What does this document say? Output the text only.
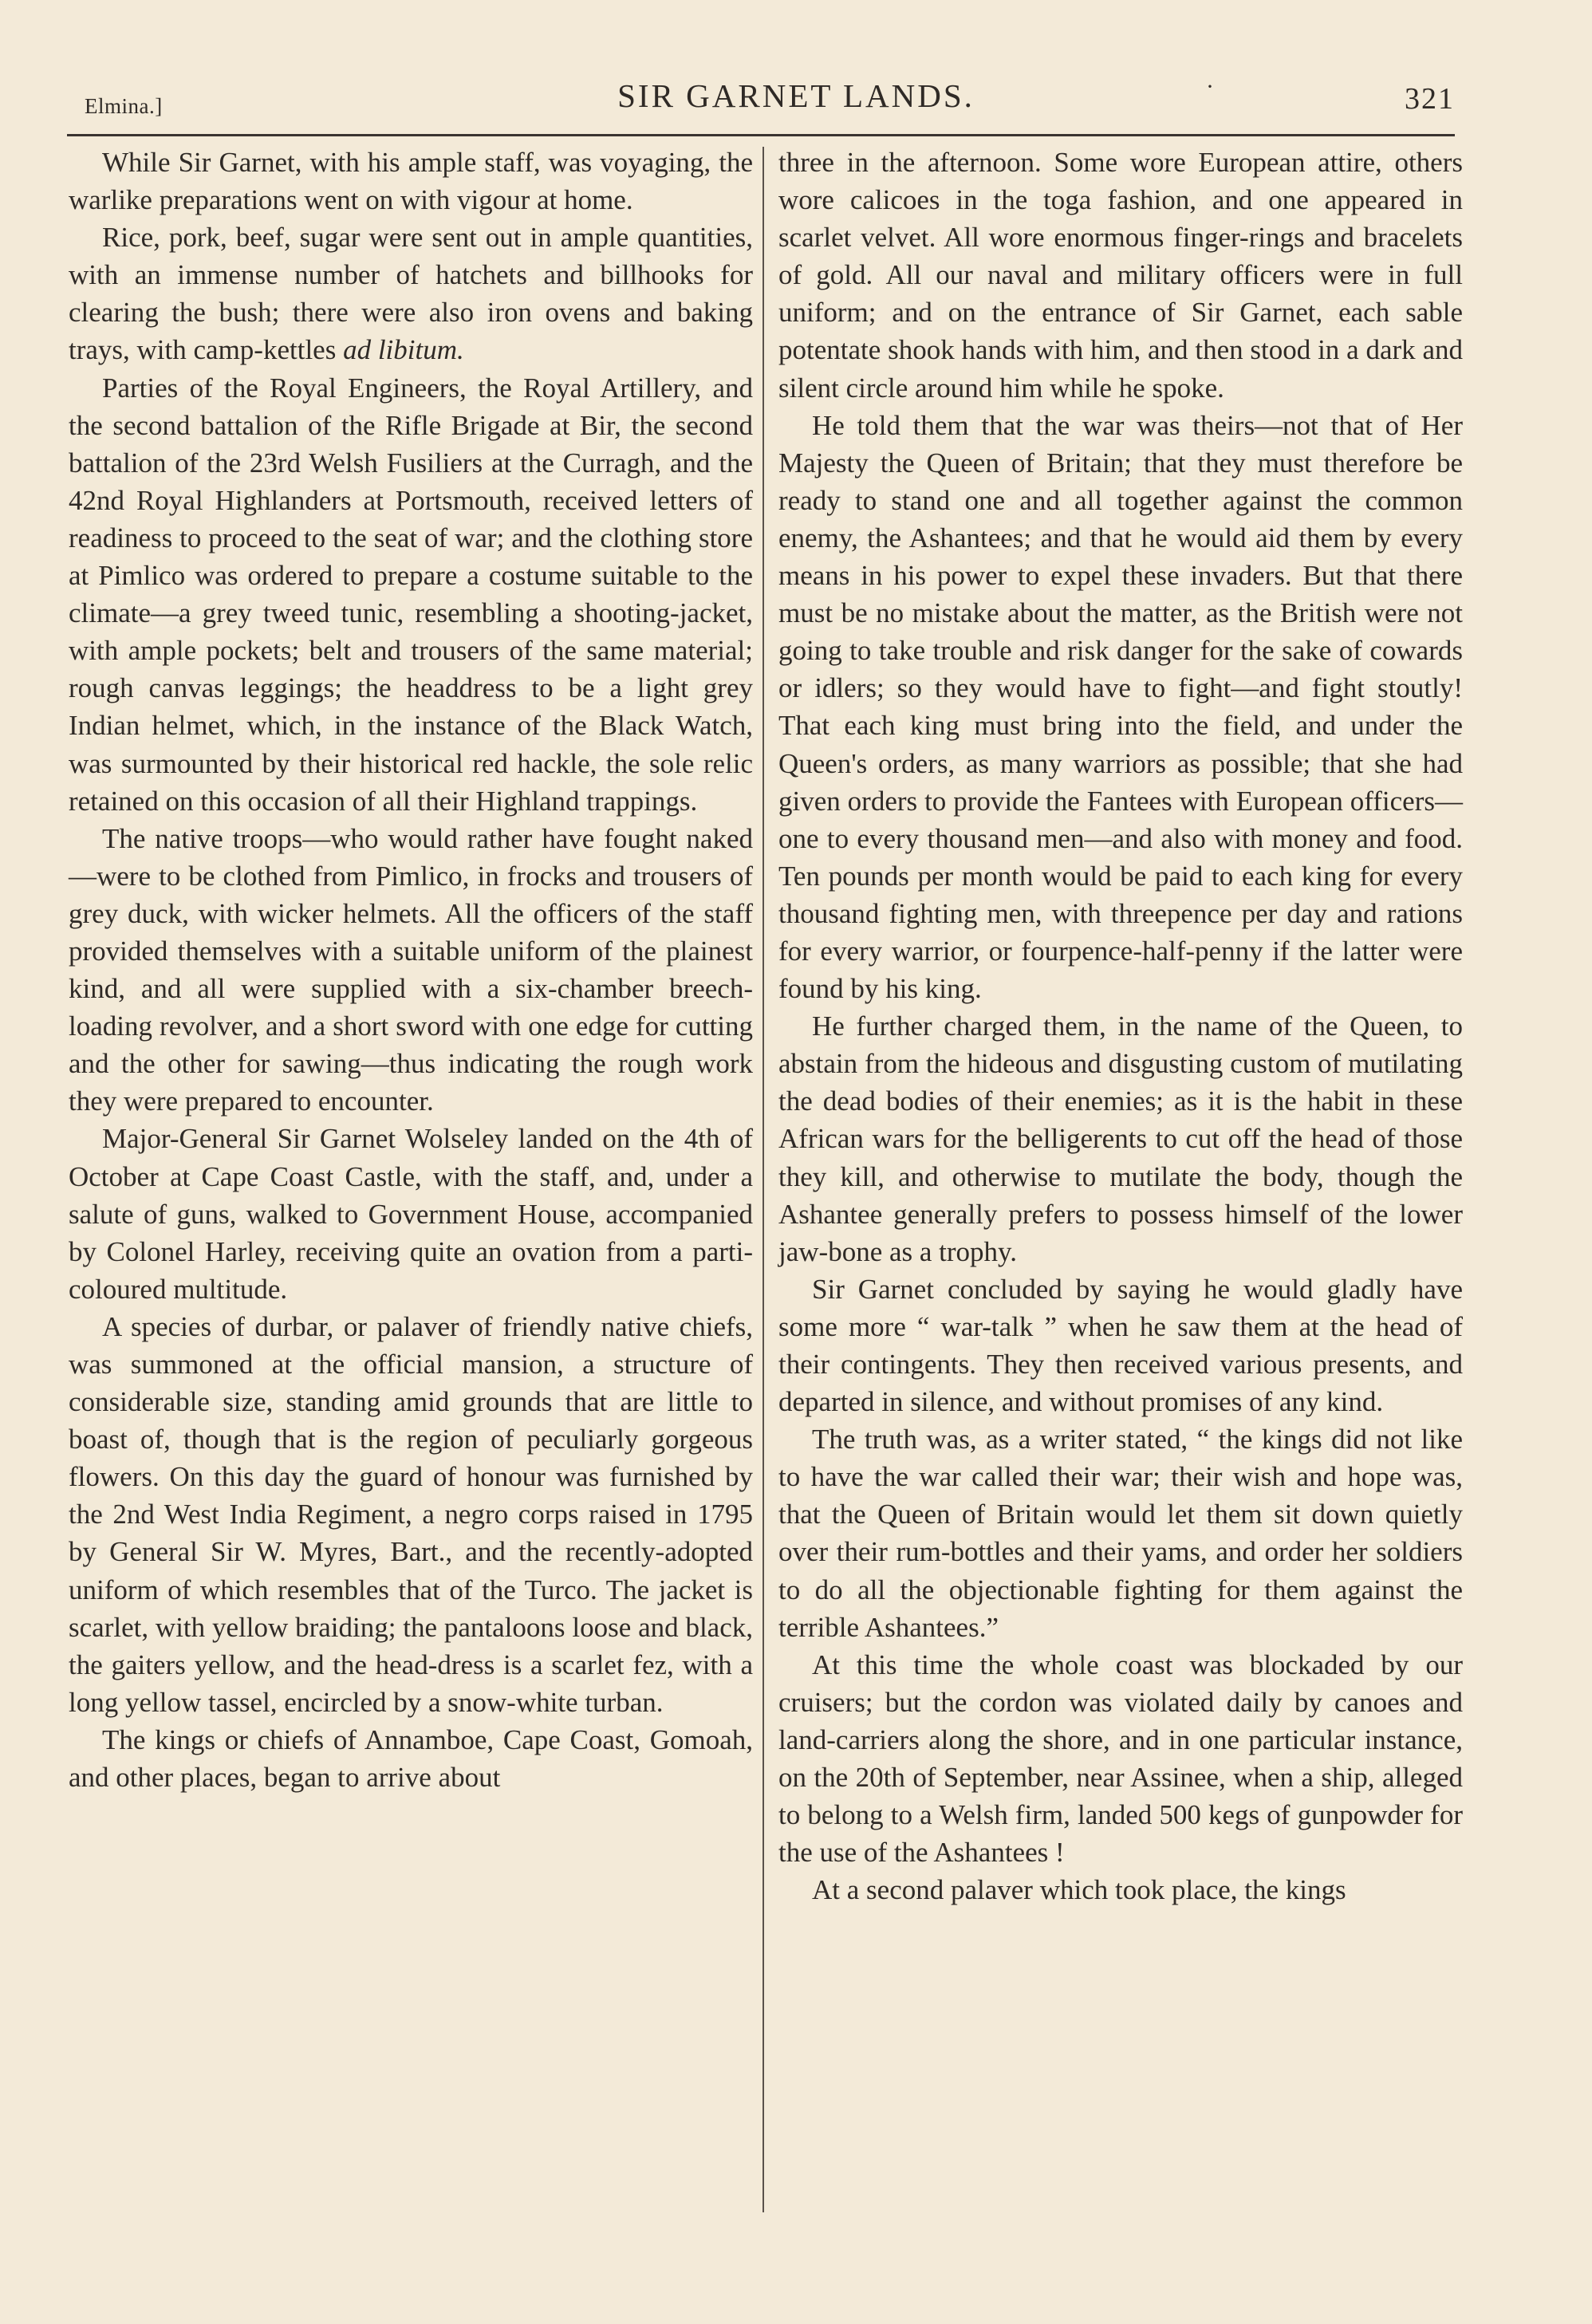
Elmina.]	SIR GARNET LANDS.	·	321

While Sir Garnet, with his ample staff, was voyaging, the warlike preparations went on with vigour at home.

Rice, pork, beef, sugar were sent out in ample quantities, with an immense number of hatchets and billhooks for clearing the bush; there were also iron ovens and baking trays, with camp-kettles ad libitum.

Parties of the Royal Engineers, the Royal Artillery, and the second battalion of the Rifle Brigade at Bir, the second battalion of the 23rd Welsh Fusiliers at the Curragh, and the 42nd Royal Highlanders at Portsmouth, received letters of readiness to proceed to the seat of war; and the clothing store at Pimlico was ordered to prepare a costume suitable to the climate—a grey tweed tunic, resembling a shooting-jacket, with ample pockets; belt and trousers of the same material; rough canvas leggings; the headdress to be a light grey Indian helmet, which, in the instance of the Black Watch, was surmounted by their historical red hackle, the sole relic retained on this occasion of all their Highland trappings.

The native troops—who would rather have fought naked—were to be clothed from Pimlico, in frocks and trousers of grey duck, with wicker helmets. All the officers of the staff provided themselves with a suitable uniform of the plainest kind, and all were supplied with a six-chamber breech-loading revolver, and a short sword with one edge for cutting and the other for sawing—thus indicating the rough work they were prepared to encounter.

Major-General Sir Garnet Wolseley landed on the 4th of October at Cape Coast Castle, with the staff, and, under a salute of guns, walked to Government House, accompanied by Colonel Harley, receiving quite an ovation from a parti-coloured multitude.

A species of durbar, or palaver of friendly native chiefs, was summoned at the official mansion, a structure of considerable size, standing amid grounds that are little to boast of, though that is the region of peculiarly gorgeous flowers. On this day the guard of honour was furnished by the 2nd West India Regiment, a negro corps raised in 1795 by General Sir W. Myres, Bart., and the recently-adopted uniform of which resembles that of the Turco. The jacket is scarlet, with yellow braiding; the pantaloons loose and black, the gaiters yellow, and the head-dress is a scarlet fez, with a long yellow tassel, encircled by a snow-white turban.

The kings or chiefs of Annamboe, Cape Coast, Gomoah, and other places, began to arrive about

three in the afternoon. Some wore European attire, others wore calicoes in the toga fashion, and one appeared in scarlet velvet. All wore enormous finger-rings and bracelets of gold. All our naval and military officers were in full uniform; and on the entrance of Sir Garnet, each sable potentate shook hands with him, and then stood in a dark and silent circle around him while he spoke.

He told them that the war was theirs—not that of Her Majesty the Queen of Britain; that they must therefore be ready to stand one and all together against the common enemy, the Ashantees; and that he would aid them by every means in his power to expel these invaders. But that there must be no mistake about the matter, as the British were not going to take trouble and risk danger for the sake of cowards or idlers; so they would have to fight—and fight stoutly! That each king must bring into the field, and under the Queen's orders, as many warriors as possible; that she had given orders to provide the Fantees with European officers—one to every thousand men—and also with money and food. Ten pounds per month would be paid to each king for every thousand fighting men, with threepence per day and rations for every warrior, or fourpence-half-penny if the latter were found by his king.

He further charged them, in the name of the Queen, to abstain from the hideous and disgusting custom of mutilating the dead bodies of their enemies; as it is the habit in these African wars for the belligerents to cut off the head of those they kill, and otherwise to mutilate the body, though the Ashantee generally prefers to possess himself of the lower jaw-bone as a trophy.

Sir Garnet concluded by saying he would gladly have some more “ war-talk ” when he saw them at the head of their contingents. They then received various presents, and departed in silence, and without promises of any kind.

The truth was, as a writer stated, “ the kings did not like to have the war called their war; their wish and hope was, that the Queen of Britain would let them sit down quietly over their rum-bottles and their yams, and order her soldiers to do all the objectionable fighting for them against the terrible Ashantees.”

At this time the whole coast was blockaded by our cruisers; but the cordon was violated daily by canoes and land-carriers along the shore, and in one particular instance, on the 20th of September, near Assinee, when a ship, alleged to belong to a Welsh firm, landed 500 kegs of gunpowder for the use of the Ashantees !

At a second palaver which took place, the kings
